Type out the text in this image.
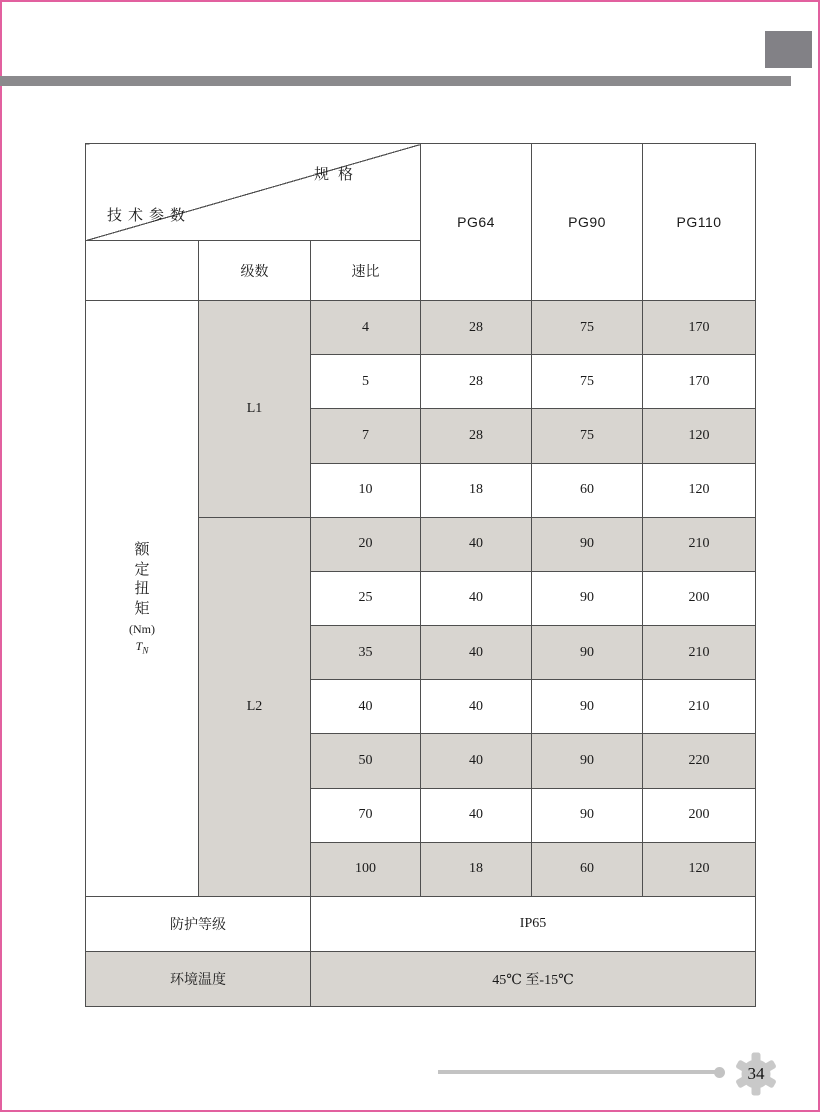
规格
技术参数			PG64	PG90	PG110
	级数	速比			

额定扭矩
(Nm)
$T_N$	L1	4	28	75	170
		5	28	75	170
		7	28	75	120
		10	18	60	120
	L2	20	40	90	210
		25	40	90	200
		35	40	90	210
		40	40	90	210
		50	40	90	220
		70	40	90	200
		100	18	60	120
防护等级		IP65			
环境温度		45℃ 至-15℃			
34
